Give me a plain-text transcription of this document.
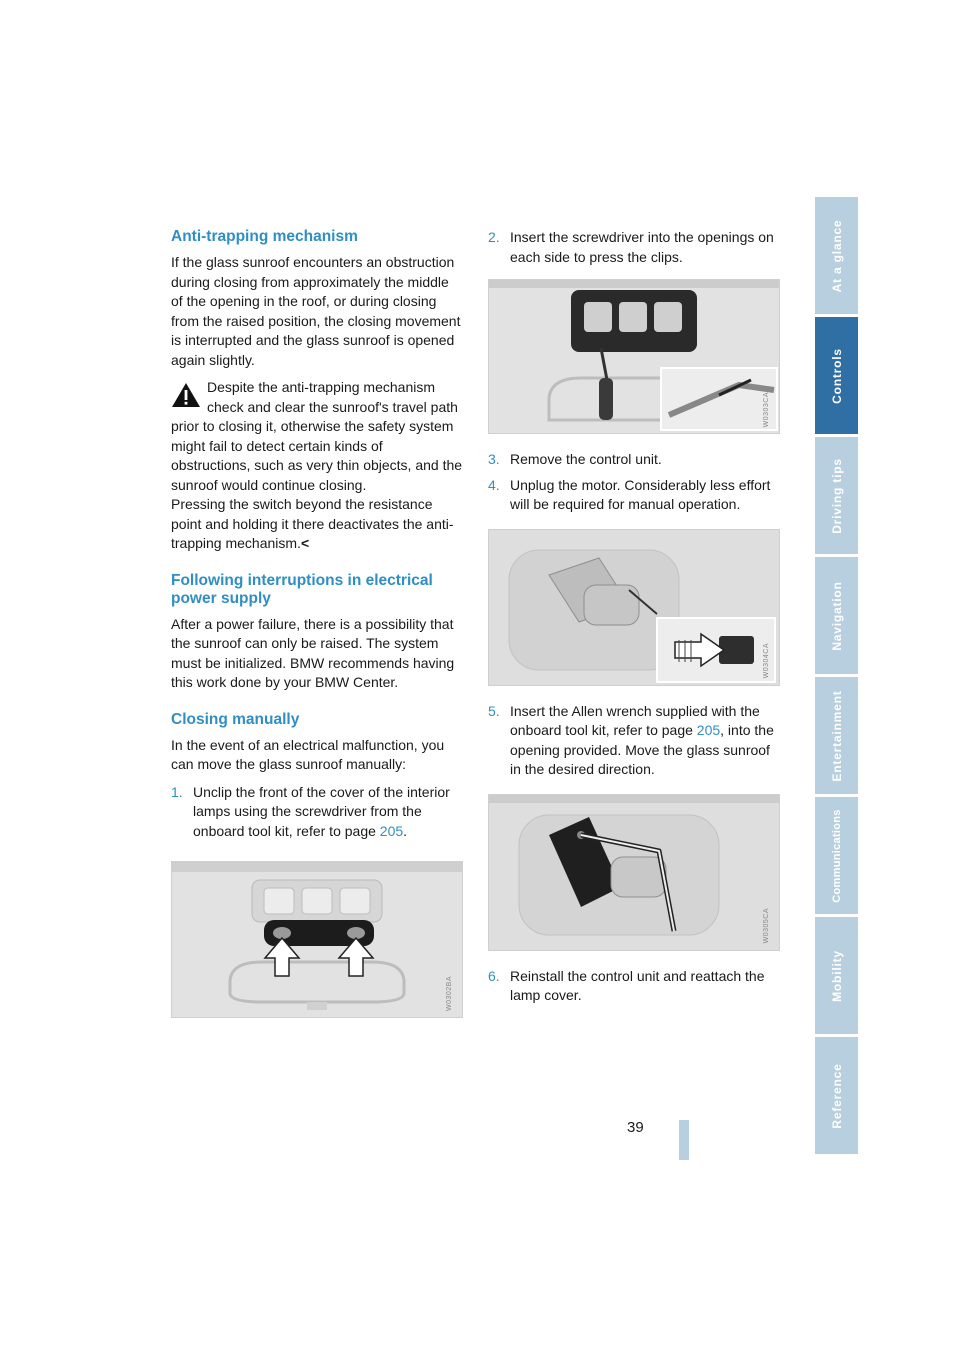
Anti-trapping mechanism

If the glass sunroof encounters an obstruction during closing from approximately the middle of the opening in the roof, or during closing from the raised position, the closing movement is interrupted and the glass sunroof is opened again slightly.

Despite the anti-trapping mechanism

check and clear the sunroof's travel path

prior to closing it, otherwise the safety system might fail to detect certain kinds of obstructions, such as very thin objects, and the sunroof would continue closing.

Pressing the switch beyond the resistance point and holding it there deactivates the anti-trapping mechanism.<

Following interruptions in electrical power supply

After a power failure, there is a possibility that the sunroof can only be raised. The system must be initialized. BMW recommends having this work done by your BMW Center.

Closing manually

In the event of an electrical malfunction, you can move the glass sunroof manually:

1. Unclip the front of the cover of the interior lamps using the screwdriver from the onboard tool kit, refer to page 205.
W0302BA
2. Insert the screwdriver into the openings on each side to press the clips.
W0303CA
3. Remove the control unit.
4. Unplug the motor. Considerably less effort will be required for manual operation.
W0304CA
5. Insert the Allen wrench supplied with the onboard tool kit, refer to page 205, into the opening provided. Move the glass sunroof in the desired direction.
W0305CA
6. Reinstall the control unit and reattach the lamp cover.
At a glance
Controls
Driving tips
Navigation
Entertainment
Communications
Mobility
Reference
39
